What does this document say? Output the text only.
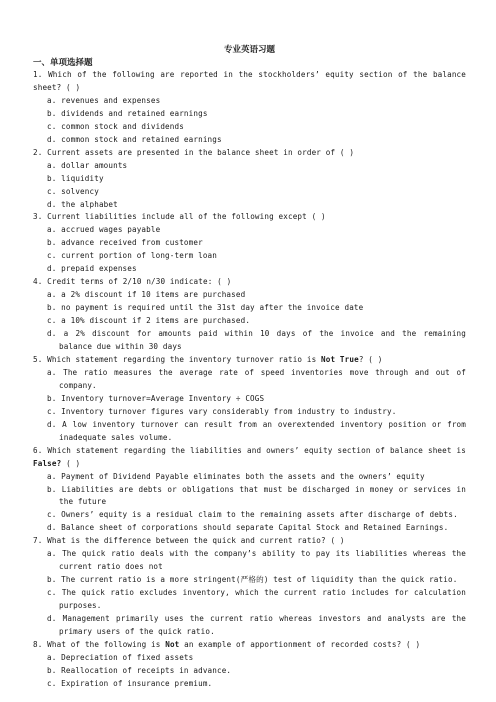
专业英语习题
一、单项选择题
1. Which of the following are reported in the stockholders’ equity section of the balance sheet? ( )
a. revenues and expenses
b. dividends and retained earnings
c. common stock and dividends
d. common stock and retained earnings
2. Current assets are presented in the balance sheet in order of ( )
a. dollar amounts
b. liquidity
c. solvency
d. the alphabet
3. Current liabilities include all of the following except ( )
a. accrued wages payable
b. advance received from customer
c. current portion of long-term loan
d. prepaid expenses
4. Credit terms of 2/10 n/30 indicate: ( )
a. a 2% discount if 10 items are purchased
b. no payment is required until the 31st day after the invoice date
c. a 10% discount if 2 items are purchased.
d. a 2% discount for amounts paid within 10 days of the invoice and the remaining balance due within 30 days
5. Which statement regarding the inventory turnover ratio is Not True? ( )
a. The ratio measures the average rate of speed inventories move through and out of company.
b. Inventory turnover=Average Inventory ÷ COGS
c. Inventory turnover figures vary considerably from industry to industry.
d. A low inventory turnover can result from an overextended inventory position or from inadequate sales volume.
6. Which statement regarding the liabilities and owners’ equity section of balance sheet is False? ( )
a. Payment of Dividend Payable eliminates both the assets and the owners’ equity
b. Liabilities are debts or obligations that must be discharged in money or services in the future
c. Owners’ equity is a residual claim to the remaining assets after discharge of debts.
d. Balance sheet of corporations should separate Capital Stock and Retained Earnings.
7. What is the difference between the quick and current ratio? ( )
a. The quick ratio deals with the company’s ability to pay its liabilities whereas the current ratio does not
b. The current ratio is a more stringent(严格的) test of liquidity than the quick ratio.
c. The quick ratio excludes inventory, which the current ratio includes for calculation purposes.
d. Management primarily uses the current ratio whereas investors and analysts are the primary users of the quick ratio.
8. What of the following is Not an example of apportionment of recorded costs? ( )
a. Depreciation of fixed assets
b. Reallocation of receipts in advance.
c. Expiration of insurance premium.
